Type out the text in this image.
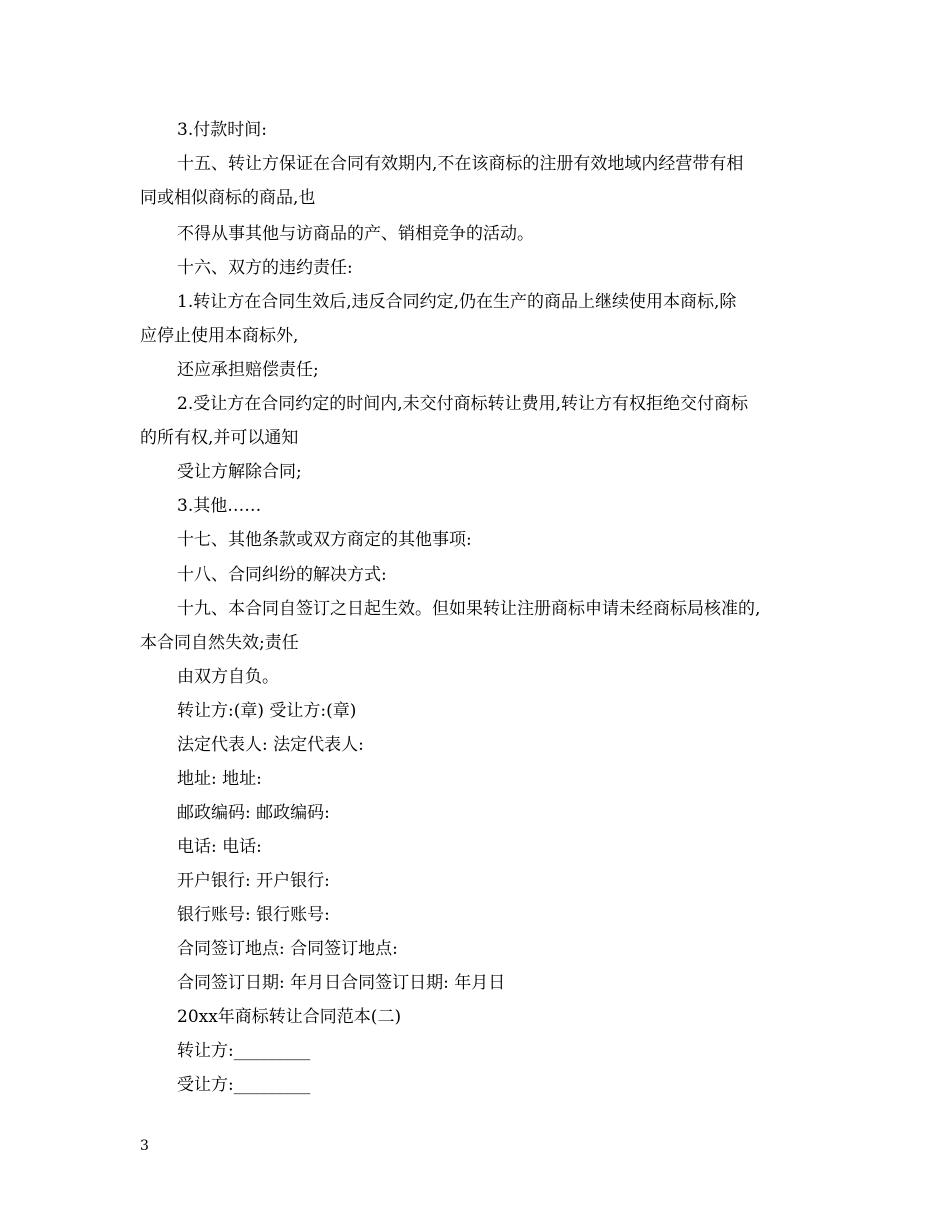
3.付款时间:
十五、转让方保证在合同有效期内,不在该商标的注册有效地域内经营带有相
同或相似商标的商品,也
不得从事其他与访商品的产、销相竞争的活动。
十六、双方的违约责任:
1.转让方在合同生效后,违反合同约定,仍在生产的商品上继续使用本商标,除
应停止使用本商标外,
还应承担赔偿责任;
2.受让方在合同约定的时间内,未交付商标转让费用,转让方有权拒绝交付商标
的所有权,并可以通知
受让方解除合同;
3.其他……
十七、其他条款或双方商定的其他事项:
十八、合同纠纷的解决方式:
十九、本合同自签订之日起生效。但如果转让注册商标申请未经商标局核准的,
本合同自然失效;责任
由双方自负。
转让方:(章) 受让方:(章)
法定代表人: 法定代表人:
地址: 地址:
邮政编码: 邮政编码:
电话: 电话:
开户银行: 开户银行:
银行账号: 银行账号:
合同签订地点: 合同签订地点:
合同签订日期: 年月日合同签订日期: 年月日
20xx年商标转让合同范本(二)
转让方:_________
受让方:_________
3
